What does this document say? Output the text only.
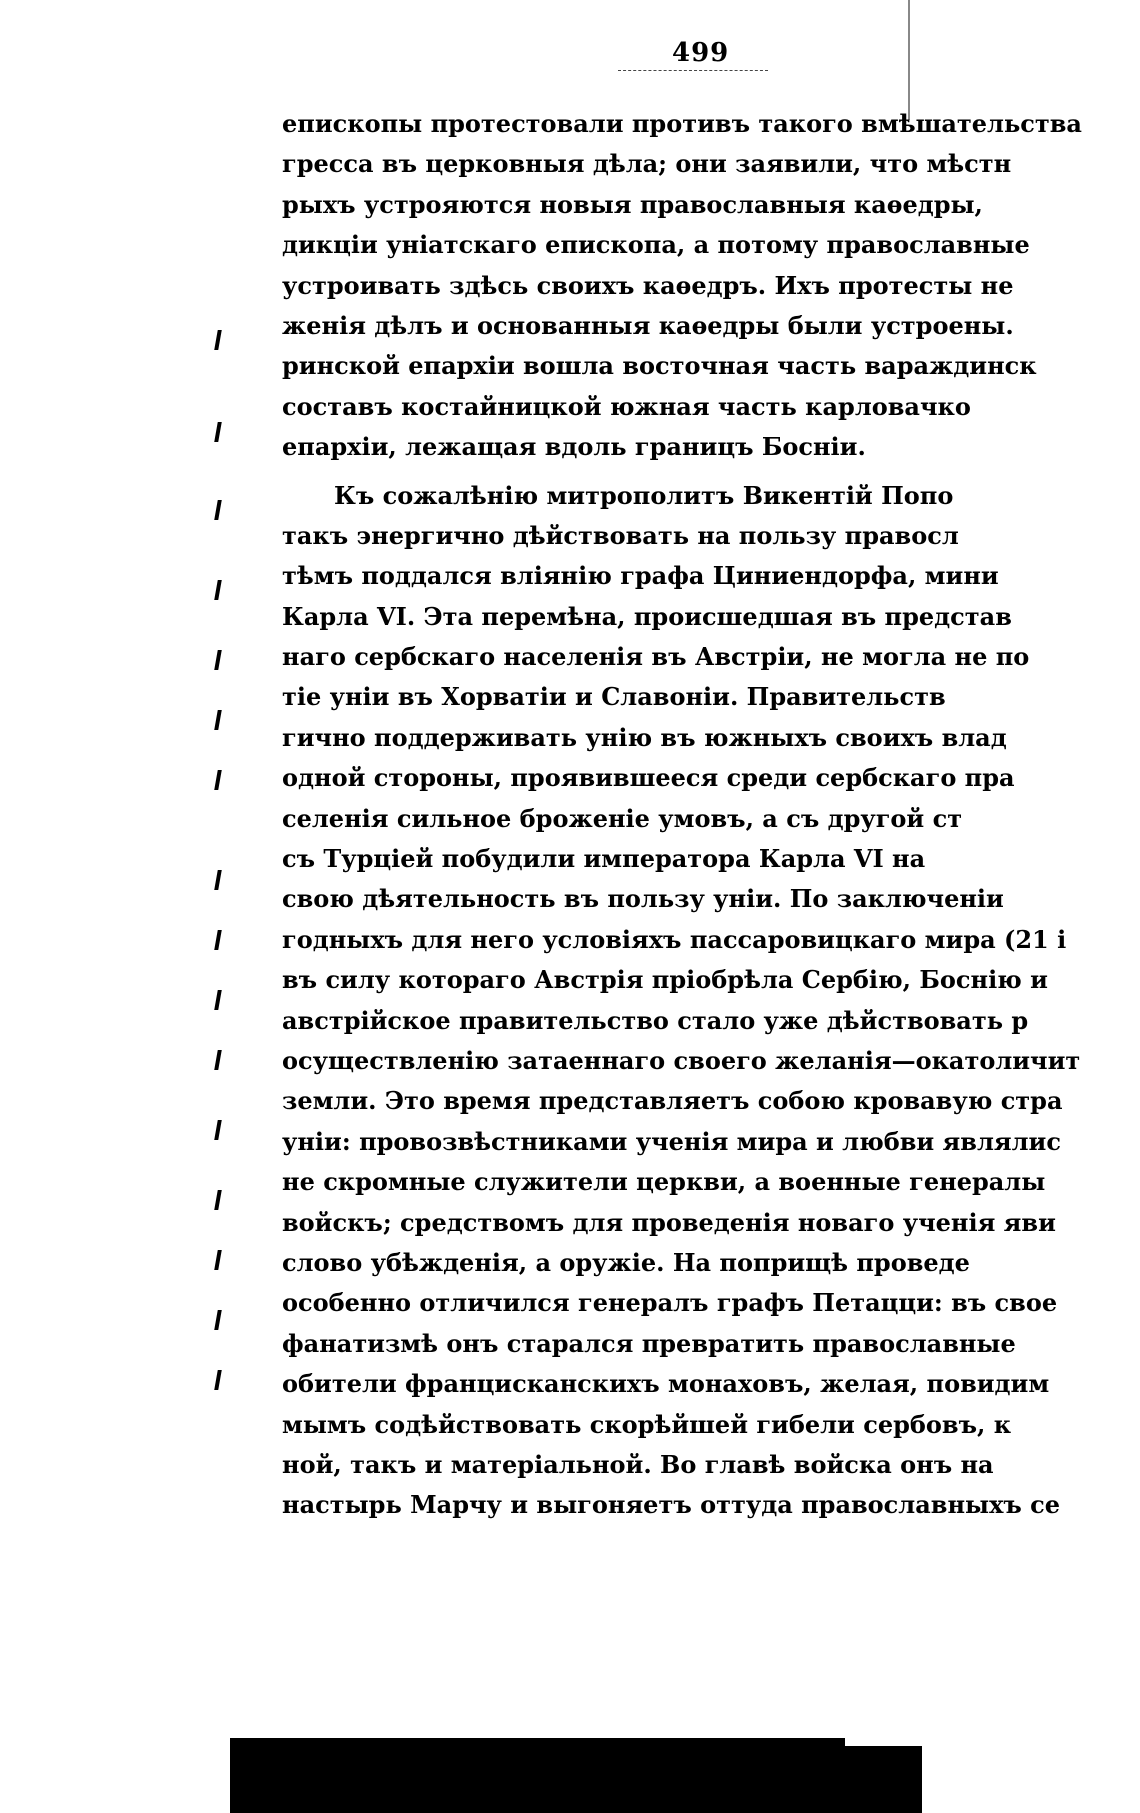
499
епископы протестовали противъ такого вмѣшательства
гресса въ церковныя дѣла; они заявили, что мѣстн
рыхъ устрояются новыя православныя каѳедры,
дикціи уніатскаго епископа, а потому православные
устроивать здѣсь своихъ каѳедръ. Ихъ протесты не
женія дѣлъ и основанныя каѳедры были устроены.
ринской епархіи вошла восточная часть вараждинск
составъ костайницкой южная часть карловачко
епархіи, лежащая вдоль границъ Босніи.
Къ сожалѣнію митрополитъ Викентій Попо
такъ энергично дѣйствовать на пользу правосл
тѣмъ поддался вліянію графа Циниендорфа, мини
Карла VI. Эта перемѣна, происшедшая въ представ
наго сербскаго населенія въ Австріи, не могла не по
тіе уніи въ Хорватіи и Славоніи. Правительств
гично поддерживать унію въ южныхъ своихъ влад
одной стороны, проявившееся среди сербскаго пра
селенія сильное броженіе умовъ, а съ другой ст
съ Турціей побудили императора Карла VI на
свою дѣятельность въ пользу уніи. По заключеніи
годныхъ для него условіяхъ пассаровицкаго мира (21 і
въ силу котораго Австрія пріобрѣла Сербію, Боснію и
австрійское правительство стало уже дѣйствовать р
осуществленію затаеннаго своего желанія—окатоличит
земли. Это время представляетъ собою кровавую стра
уніи: провозвѣстниками ученія мира и любви являлис
не скромные служители церкви, а военные генералы
войскъ; средствомъ для проведенія новаго ученія яви
слово убѣжденія, а оружіе. На поприщѣ проведе
особенно отличился генералъ графъ Петацци: въ свое
фанатизмѣ онъ старался превратить православные
обители францисканскихъ монаховъ, желая, повидим
мымъ содѣйствовать скорѣйшей гибели сербовъ, к
ной, такъ и матеріальной. Во главѣ войска онъ на
настырь Марчу и выгоняетъ оттуда православныхъ се
